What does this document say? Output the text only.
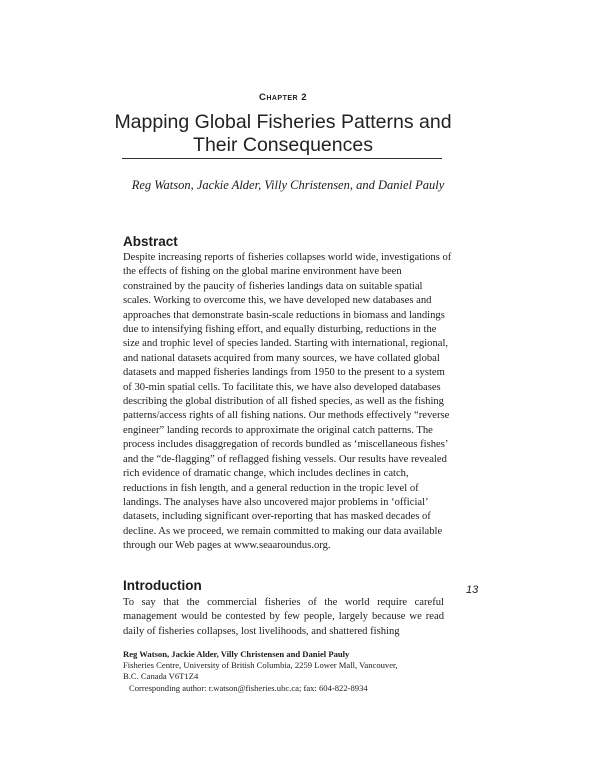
Chapter 2
Mapping Global Fisheries Patterns and Their Consequences
Reg Watson, Jackie Alder, Villy Christensen, and Daniel Pauly
Abstract

Despite increasing reports of fisheries collapses world wide, investigations of the effects of fishing on the global marine environment have been constrained by the paucity of fisheries landings data on suitable spatial scales. Working to overcome this, we have developed new databases and approaches that demonstrate basin-scale reductions in biomass and landings due to intensifying fishing effort, and equally disturbing, reductions in the size and trophic level of species landed. Starting with international, regional, and national datasets acquired from many sources, we have collated global datasets and mapped fisheries landings from 1950 to the present to a system of 30-min spatial cells. To facilitate this, we have also developed databases describing the global distribution of all fished species, as well as the fishing patterns/access rights of all fishing nations. Our methods effectively “reverse engineer” landing records to approximate the original catch patterns. The process includes disaggregation of records bundled as ‘miscellaneous fishes’ and the “de-flagging” of reflagged fishing vessels. Our results have revealed rich evidence of dramatic change, which includes declines in catch, reductions in fish length, and a general reduction in the tropic level of landings. The analyses have also uncovered major problems in ‘official’ datasets, including significant over-reporting that has masked decades of decline. As we proceed, we remain committed to making our data available through our Web pages at www.seaaroundus.org.

Introduction
To say that the commercial fisheries of the world require careful management would be contested by few people, largely because we read daily of fisheries collapses, lost livelihoods, and shattered fishing
13
Reg Watson, Jackie Alder, Villy Christensen and Daniel Pauly
Fisheries Centre, University of British Columbia, 2259 Lower Mall, Vancouver,
B.C. Canada V6T1Z4
Corresponding author: r.watson@fisheries.ubc.ca; fax: 604-822-8934
